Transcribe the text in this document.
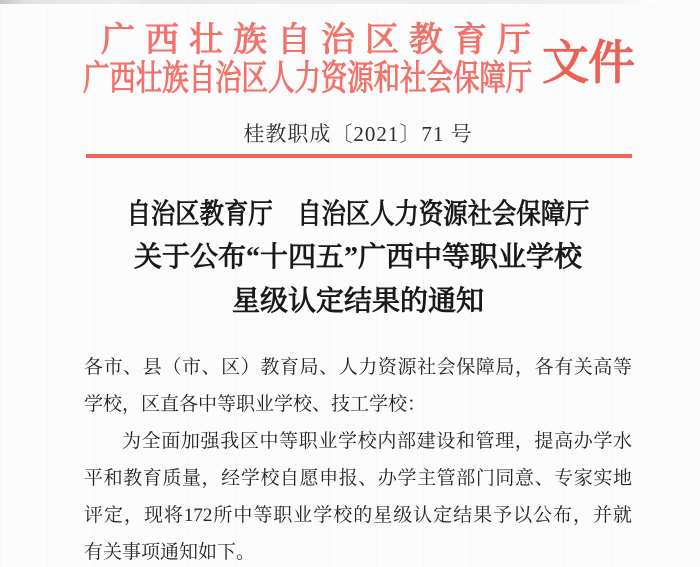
广西壮族自治区教育厅
广西壮族自治区人力资源和社会保障厅 文件
桂教职成〔2021〕71 号
自治区教育厅　自治区人力资源社会保障厅
关于公布“十四五”广西中等职业学校
星级认定结果的通知
各市、县（市、区）教育局、人力资源社会保障局，各有关高等
学校，区直各中等职业学校、技工学校：
为全面加强我区中等职业学校内部建设和管理，提高办学水
平和教育质量，经学校自愿申报、办学主管部门同意、专家实地
评定，现将172所中等职业学校的星级认定结果予以公布，并就
有关事项通知如下。
